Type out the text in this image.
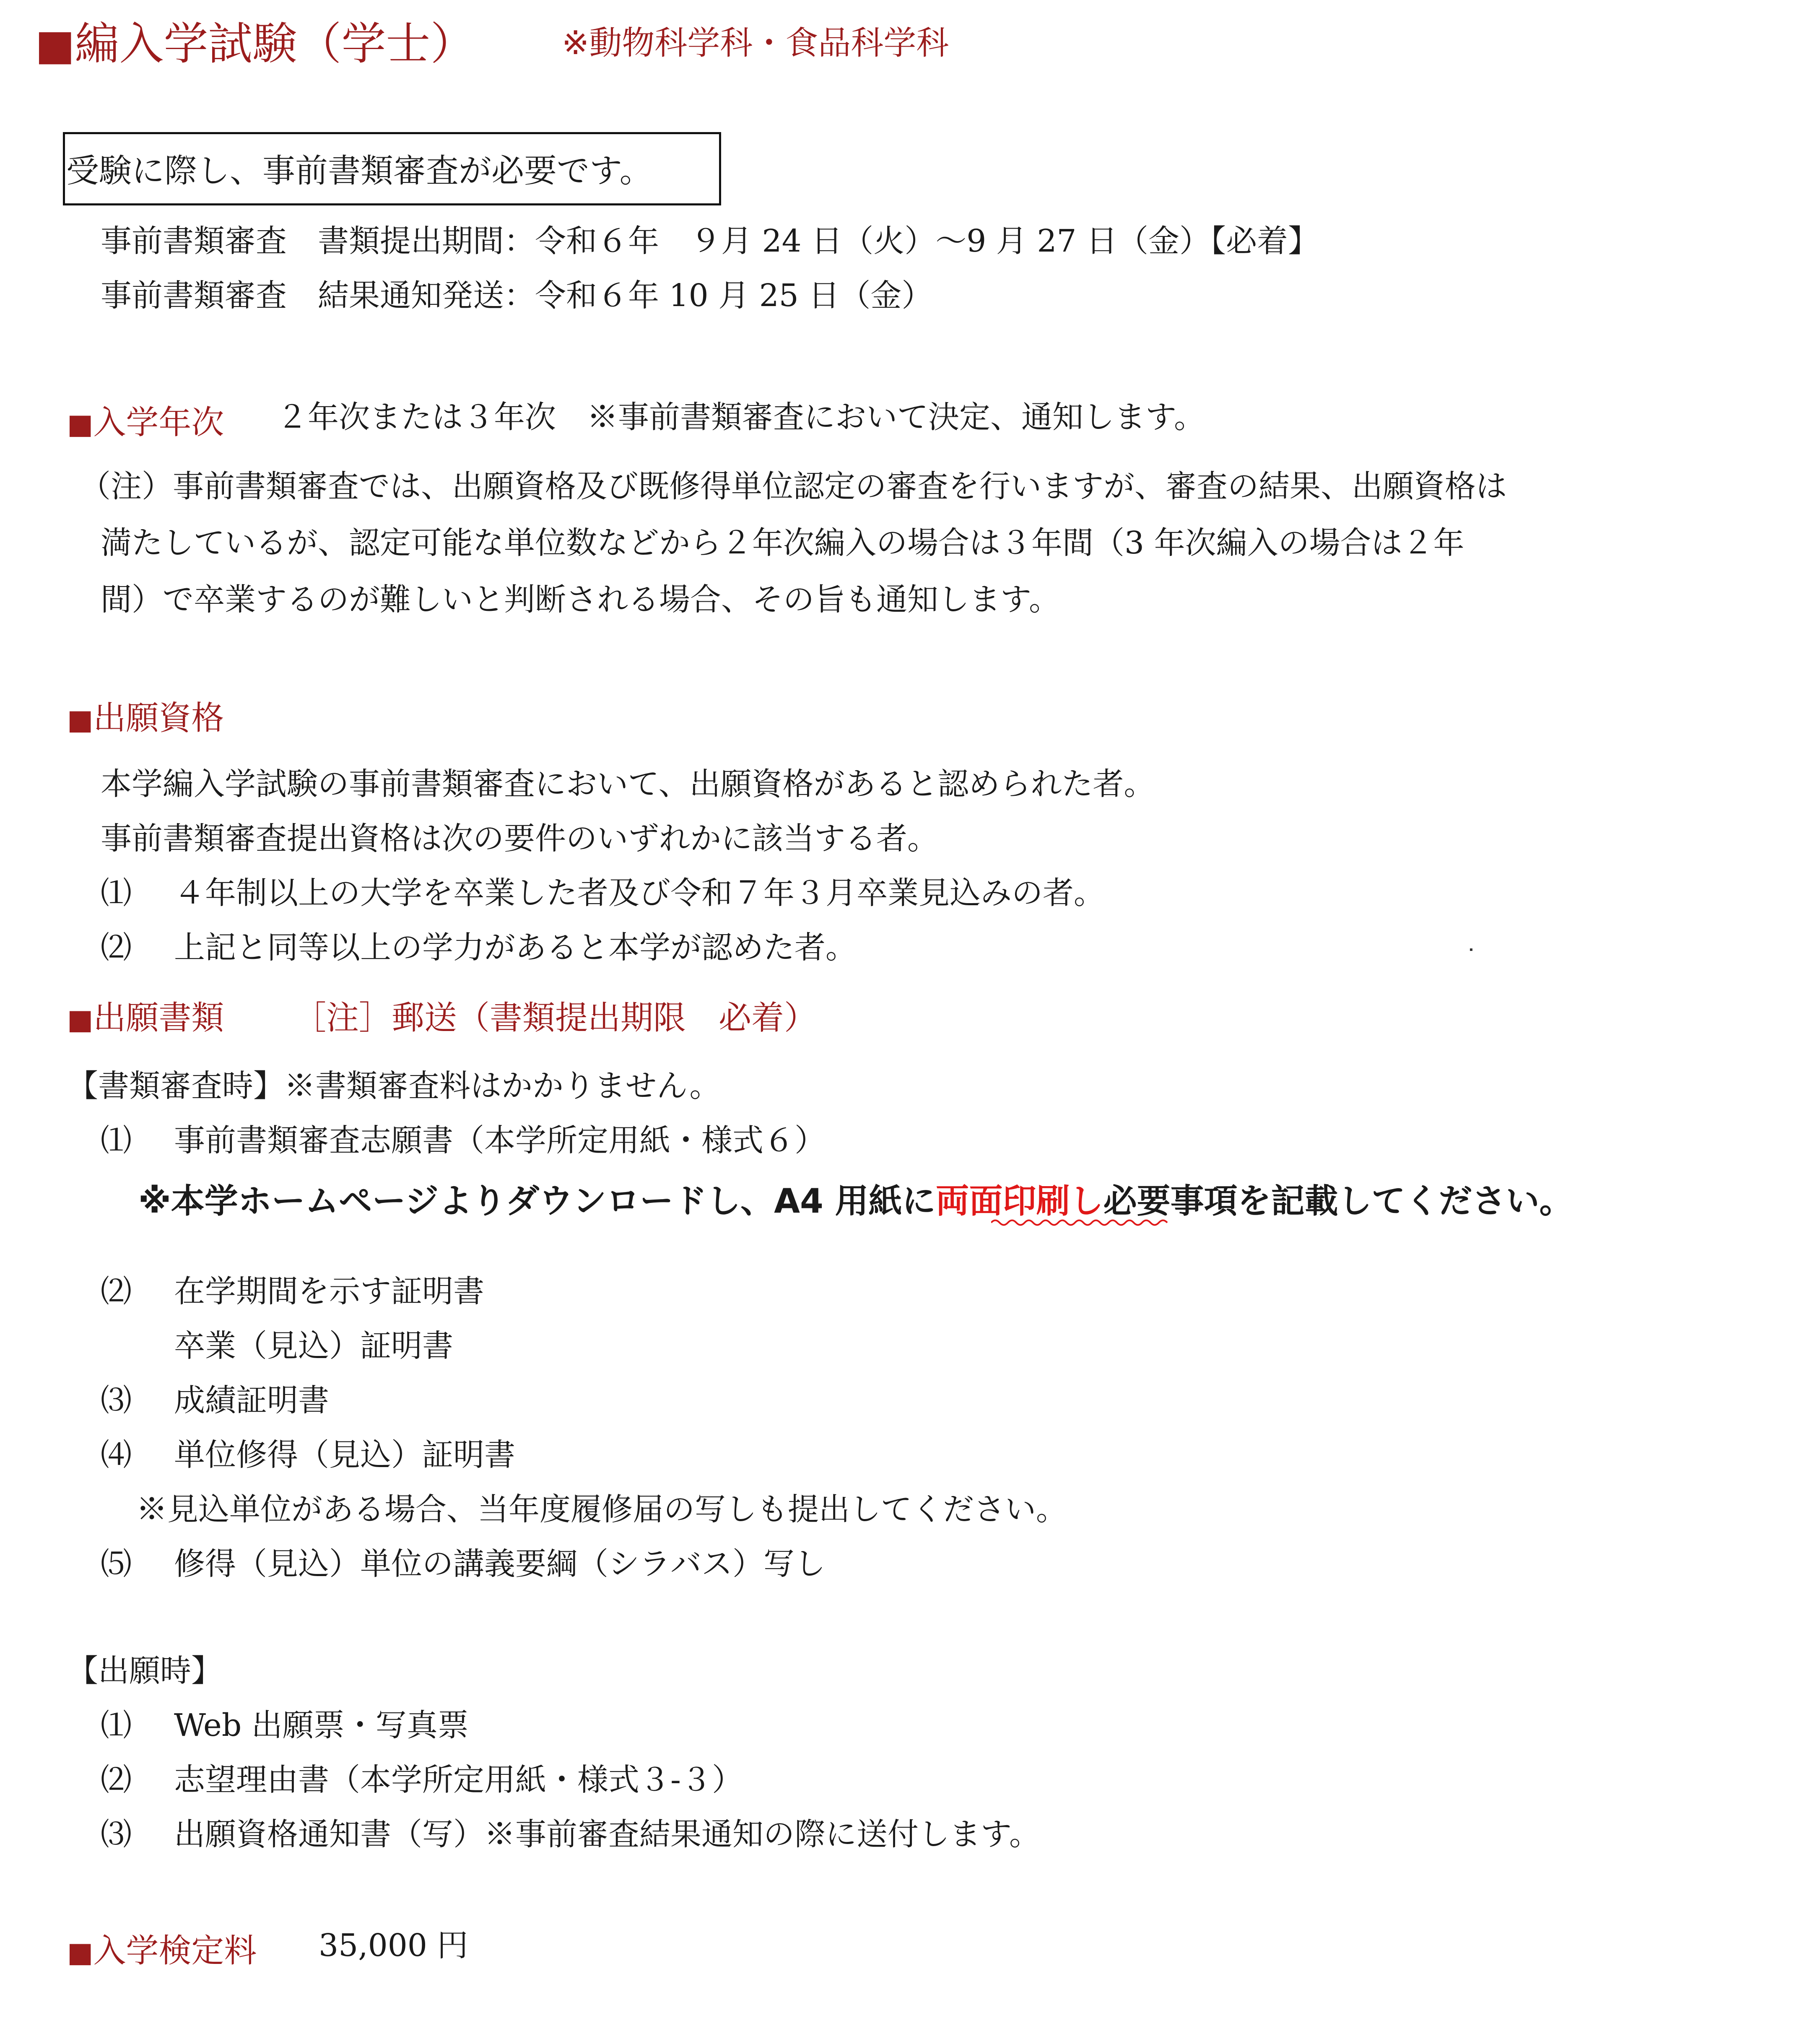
■編入学試験（学士）	※動物科学科・食品科学科
受験に際し、事前書類審査が必要です。
事前書類審査　書類提出期間：令和６年　９月 24 日（火）～9 月 27 日（金）【必着】
事前書類審査　結果通知発送：令和６年 10 月 25 日（金）
■入学年次 ２年次または３年次　※事前書類審査において決定、通知します。
（注）事前書類審査では、出願資格及び既修得単位認定の審査を行いますが、審査の結果、出願資格は
満たしているが、認定可能な単位数などから２年次編入の場合は３年間（3 年次編入の場合は２年
間）で卒業するのが難しいと判断される場合、その旨も通知します。
■出願資格
本学編入学試験の事前書類審査において、出願資格があると認められた者。
事前書類審査提出資格は次の要件のいずれかに該当する者。
⑴ ４年制以上の大学を卒業した者及び令和７年３月卒業見込みの者。
⑵ 上記と同等以上の学力があると本学が認めた者。
■出願書類 ［注］郵送（書類提出期限　必着）
【書類審査時】※書類審査料はかかりません。
⑴ 事前書類審査志願書（本学所定用紙・様式６）
※本学ホームページよりダウンロードし、A4 用紙に両面印刷し必要事項を記載してください。
⑵ 在学期間を示す証明書
卒業（見込）証明書
⑶ 成績証明書
⑷ 単位修得（見込）証明書
※見込単位がある場合、当年度履修届の写しも提出してください。
⑸ 修得（見込）単位の講義要綱（シラバス）写し
【出願時】
⑴ Web 出願票・写真票
⑵ 志望理由書（本学所定用紙・様式３-３）
⑶ 出願資格通知書（写）※事前審査結果通知の際に送付します。
■入学検定料 35,000 円
